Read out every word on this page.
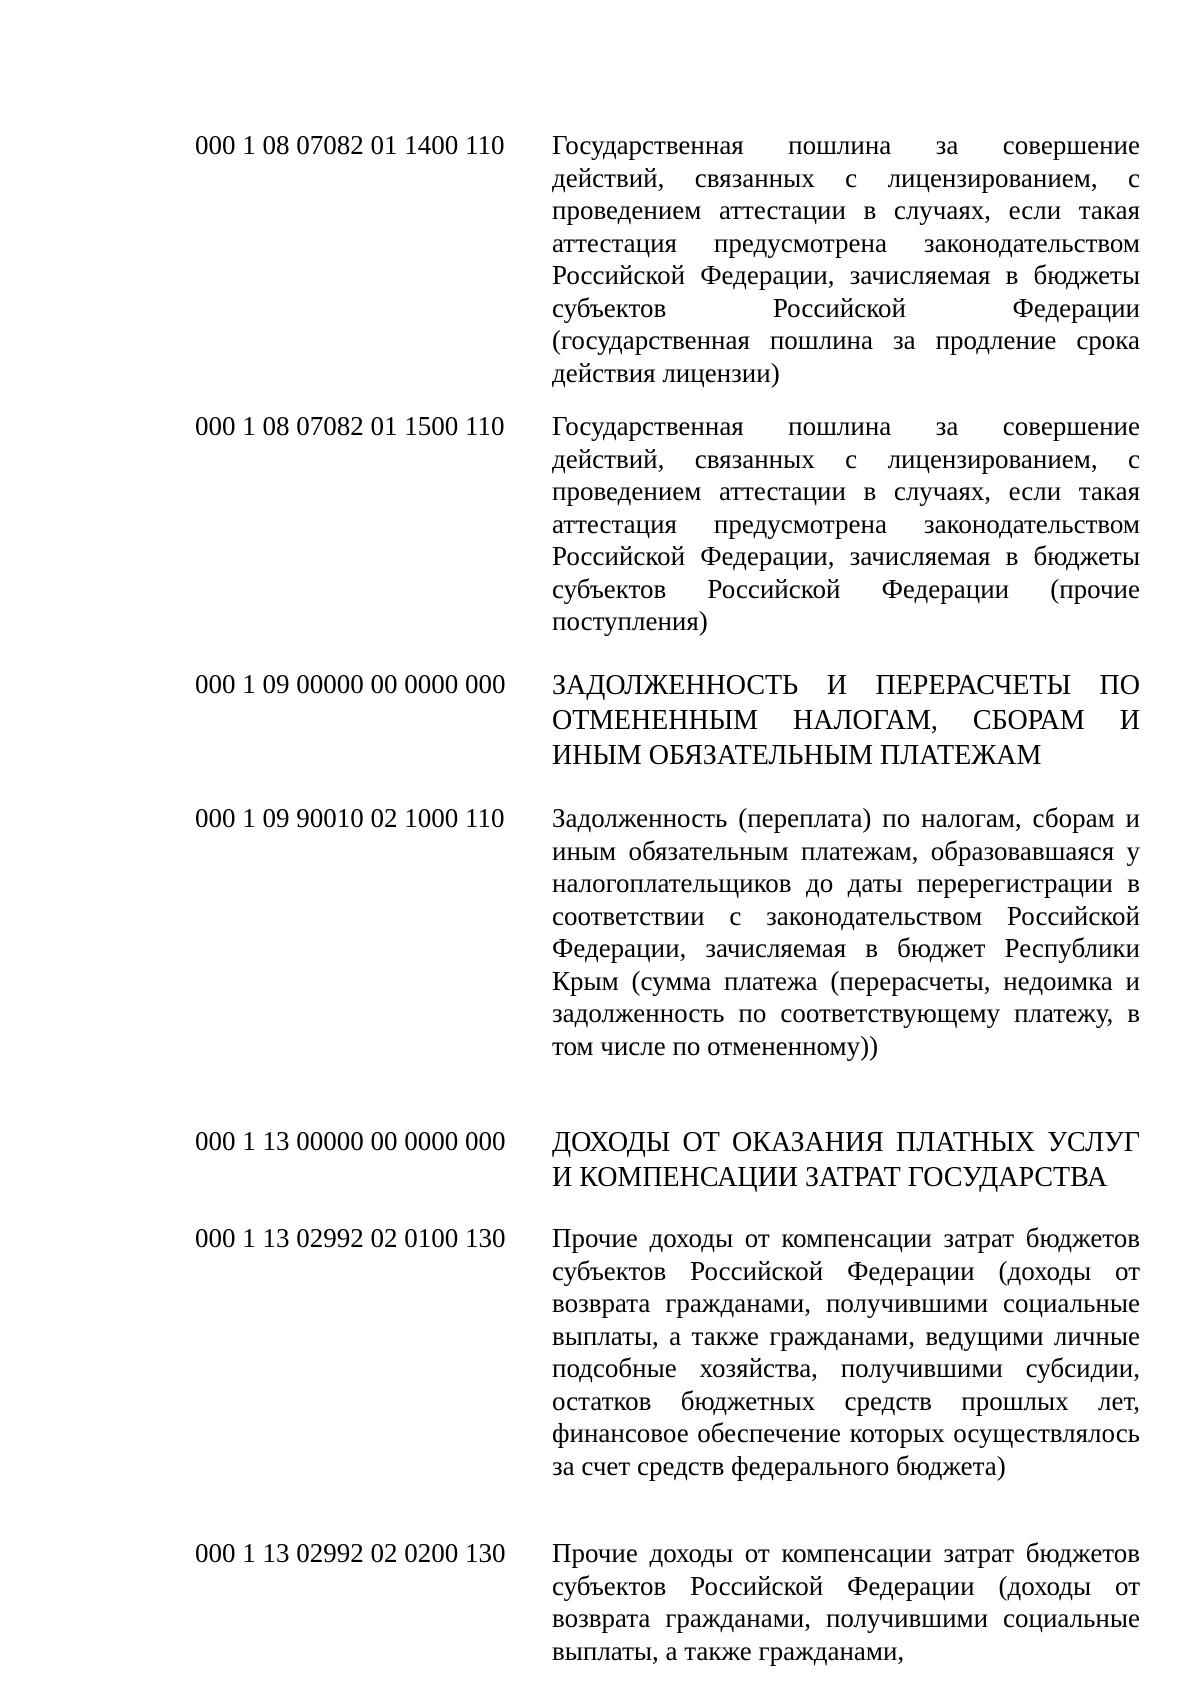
000 1 08 07082 01 1400 110	Государственная пошлина за совершение действий, связанных с лицензированием, с проведением аттестации в случаях, если такая аттестация предусмотрена законодательством Российской Федерации, зачисляемая в бюджеты субъектов Российской Федерации (государственная пошлина за продление срока действия лицензии)
000 1 08 07082 01 1500 110	Государственная пошлина за совершение действий, связанных с лицензированием, с проведением аттестации в случаях, если такая аттестация предусмотрена законодательством Российской Федерации, зачисляемая в бюджеты субъектов Российской Федерации (прочие поступления)
000 1 09 00000 00 0000 000	ЗАДОЛЖЕННОСТЬ И ПЕРЕРАСЧЕТЫ ПО ОТМЕНЕННЫМ НАЛОГАМ, СБОРАМ И ИНЫМ ОБЯЗАТЕЛЬНЫМ ПЛАТЕЖАМ
000 1 09 90010 02 1000 110	Задолженность (переплата) по налогам, сборам и иным обязательным платежам, образовавшаяся у налогоплательщиков до даты перерегистрации в соответствии с законодательством Российской Федерации, зачисляемая в бюджет Республики Крым (сумма платежа (перерасчеты, недоимка и задолженность по соответствующему платежу, в том числе по отмененному))
000 1 13 00000 00 0000 000	ДОХОДЫ ОТ ОКАЗАНИЯ ПЛАТНЫХ УСЛУГ И КОМПЕНСАЦИИ ЗАТРАТ ГОСУДАРСТВА
000 1 13 02992 02 0100 130	Прочие доходы от компенсации затрат бюджетов субъектов Российской Федерации (доходы от возврата гражданами, получившими социальные выплаты, а также гражданами, ведущими личные подсобные хозяйства, получившими субсидии, остатков бюджетных средств прошлых лет, финансовое обеспечение которых осуществлялось за счет средств федерального бюджета)
000 1 13 02992 02 0200 130	Прочие доходы от компенсации затрат бюджетов субъектов Российской Федерации (доходы от возврата гражданами, получившими социальные выплаты, а также гражданами,
